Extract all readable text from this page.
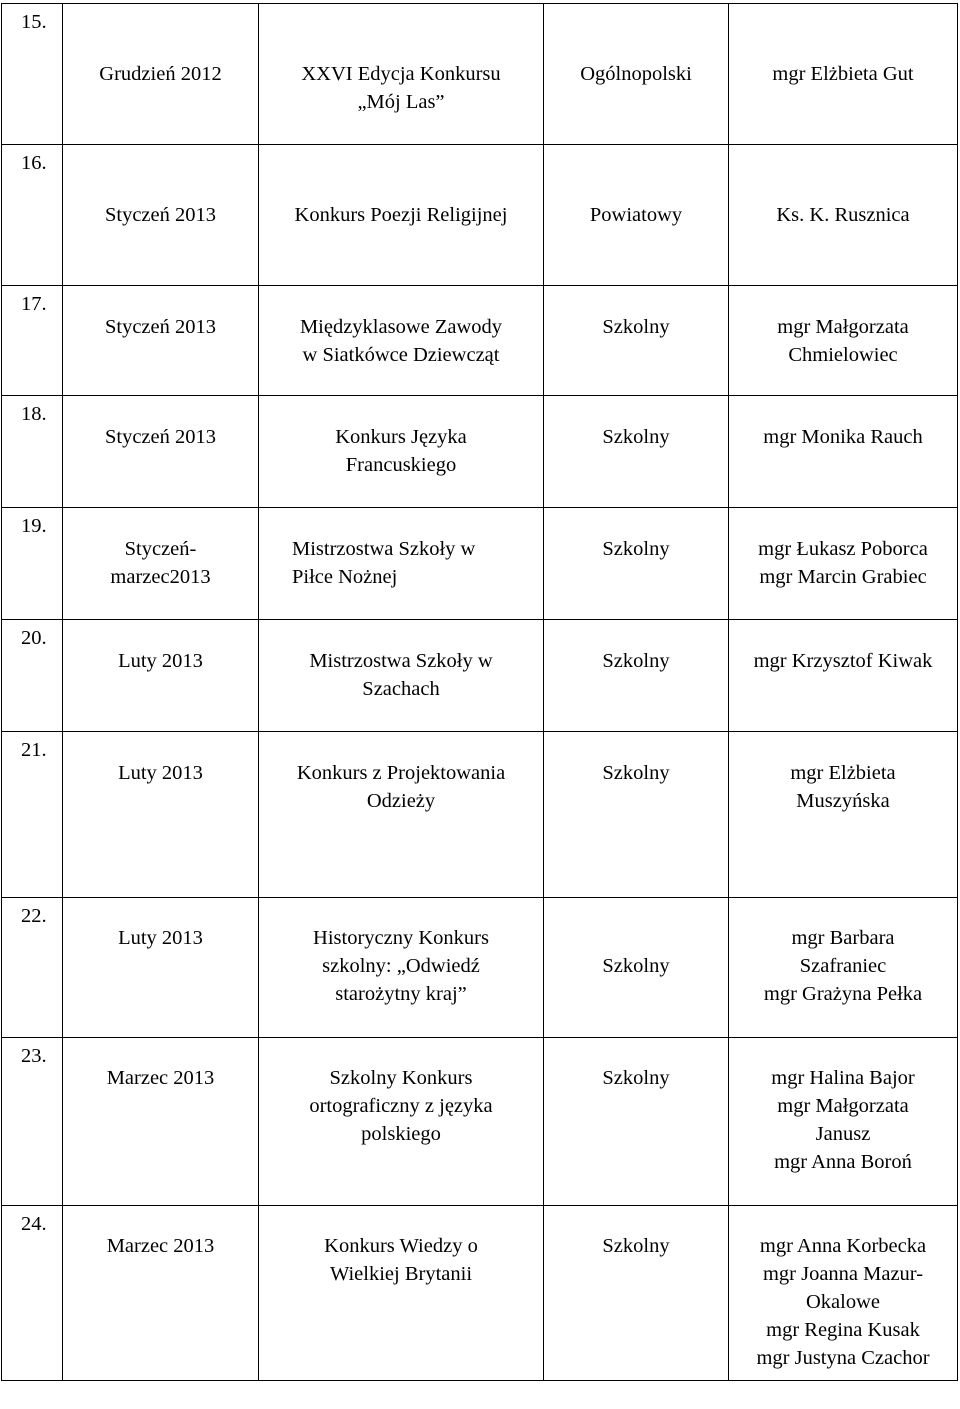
15.	Grudzień 2012	XXVI Edycja Konkursu
„Mój Las”	Ogólnopolski	mgr Elżbieta Gut

16.	Styczeń 2013	Konkurs Poezji Religijnej	Powiatowy	Ks. K. Rusznica

17.	Styczeń 2013	Międzyklasowe Zawody
w Siatkówce Dziewcząt	Szkolny	mgr Małgorzata
Chmielowiec

18.	Styczeń 2013	Konkurs Języka
Francuskiego	Szkolny	mgr Monika Rauch

19.	Styczeń-
marzec2013	Mistrzostwa Szkoły w
Piłce Nożnej	Szkolny	mgr Łukasz Poborca
mgr Marcin Grabiec

20.	Luty 2013	Mistrzostwa Szkoły w
Szachach	Szkolny	mgr Krzysztof Kiwak

21.	Luty 2013	Konkurs z Projektowania
Odzieży	Szkolny	mgr Elżbieta
Muszyńska

22.	Luty 2013	Historyczny Konkurs
szkolny: „Odwiedź
starożytny kraj”	Szkolny	mgr Barbara
Szafraniec
mgr Grażyna Pełka

23.	Marzec 2013	Szkolny Konkurs
ortograficzny z języka
polskiego	Szkolny	mgr Halina Bajor
mgr Małgorzata
Janusz
mgr Anna Boroń

24.	Marzec 2013	Konkurs Wiedzy o
Wielkiej Brytanii	Szkolny	mgr Anna Korbecka
mgr Joanna Mazur-
Okalowe
mgr Regina Kusak
mgr Justyna Czachor
